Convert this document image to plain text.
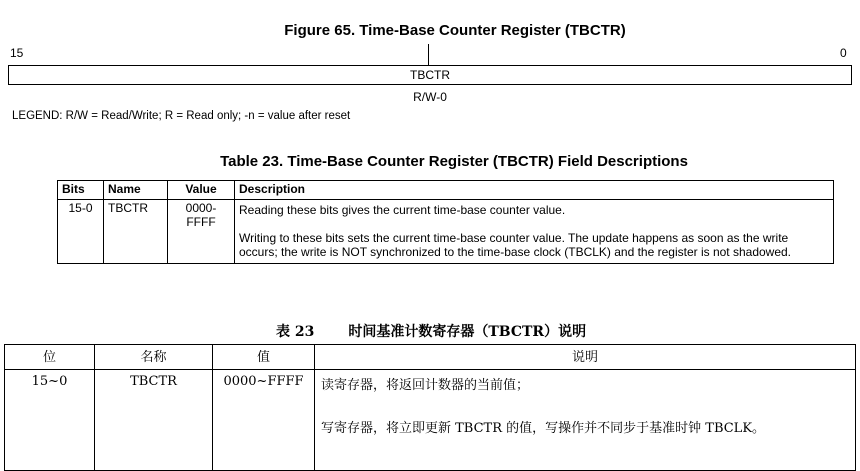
Figure 65. Time-Base Counter Register (TBCTR)
15	0
TBCTR
R/W-0
LEGEND: R/W = Read/Write; R = Read only; -n = value after reset
Table 23. Time-Base Counter Register (TBCTR) Field Descriptions
Bits	Name	Value	Description
15-0	TBCTR	0000-FFFF	Reading these bits gives the current time-base counter value.
Writing to these bits sets the current time-base counter value. The update happens as soon as the write occurs; the write is NOT synchronized to the time-base clock (TBCLK) and the register is not shadowed.
表 23 时间基准计数寄存器（TBCTR）说明
位	名称	值	说明
15~0	TBCTR	0000~FFFF	读寄存器，将返回计数器的当前值；
写寄存器，将立即更新 TBCTR 的值，写操作并不同步于基准时钟 TBCLK。
